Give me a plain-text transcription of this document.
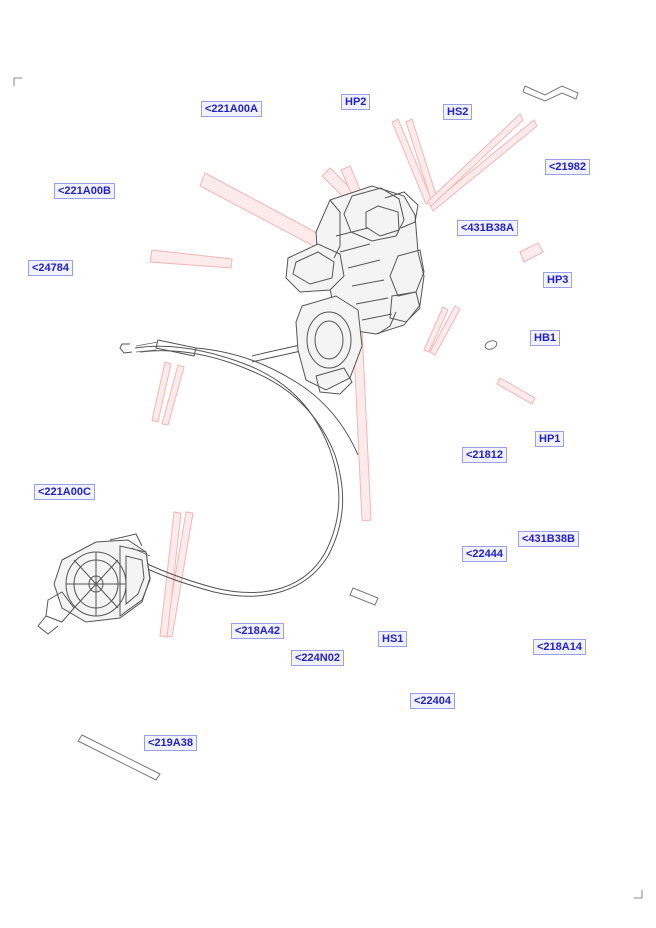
<221A00A
HP2
HS2
<21982
<221A00B
<431B38A
<24784
HP3
HB1
HP1
<21812
<221A00C
<431B38B
<22444
<218A42
HS1
<218A14
<224N02
<22404
<219A38
